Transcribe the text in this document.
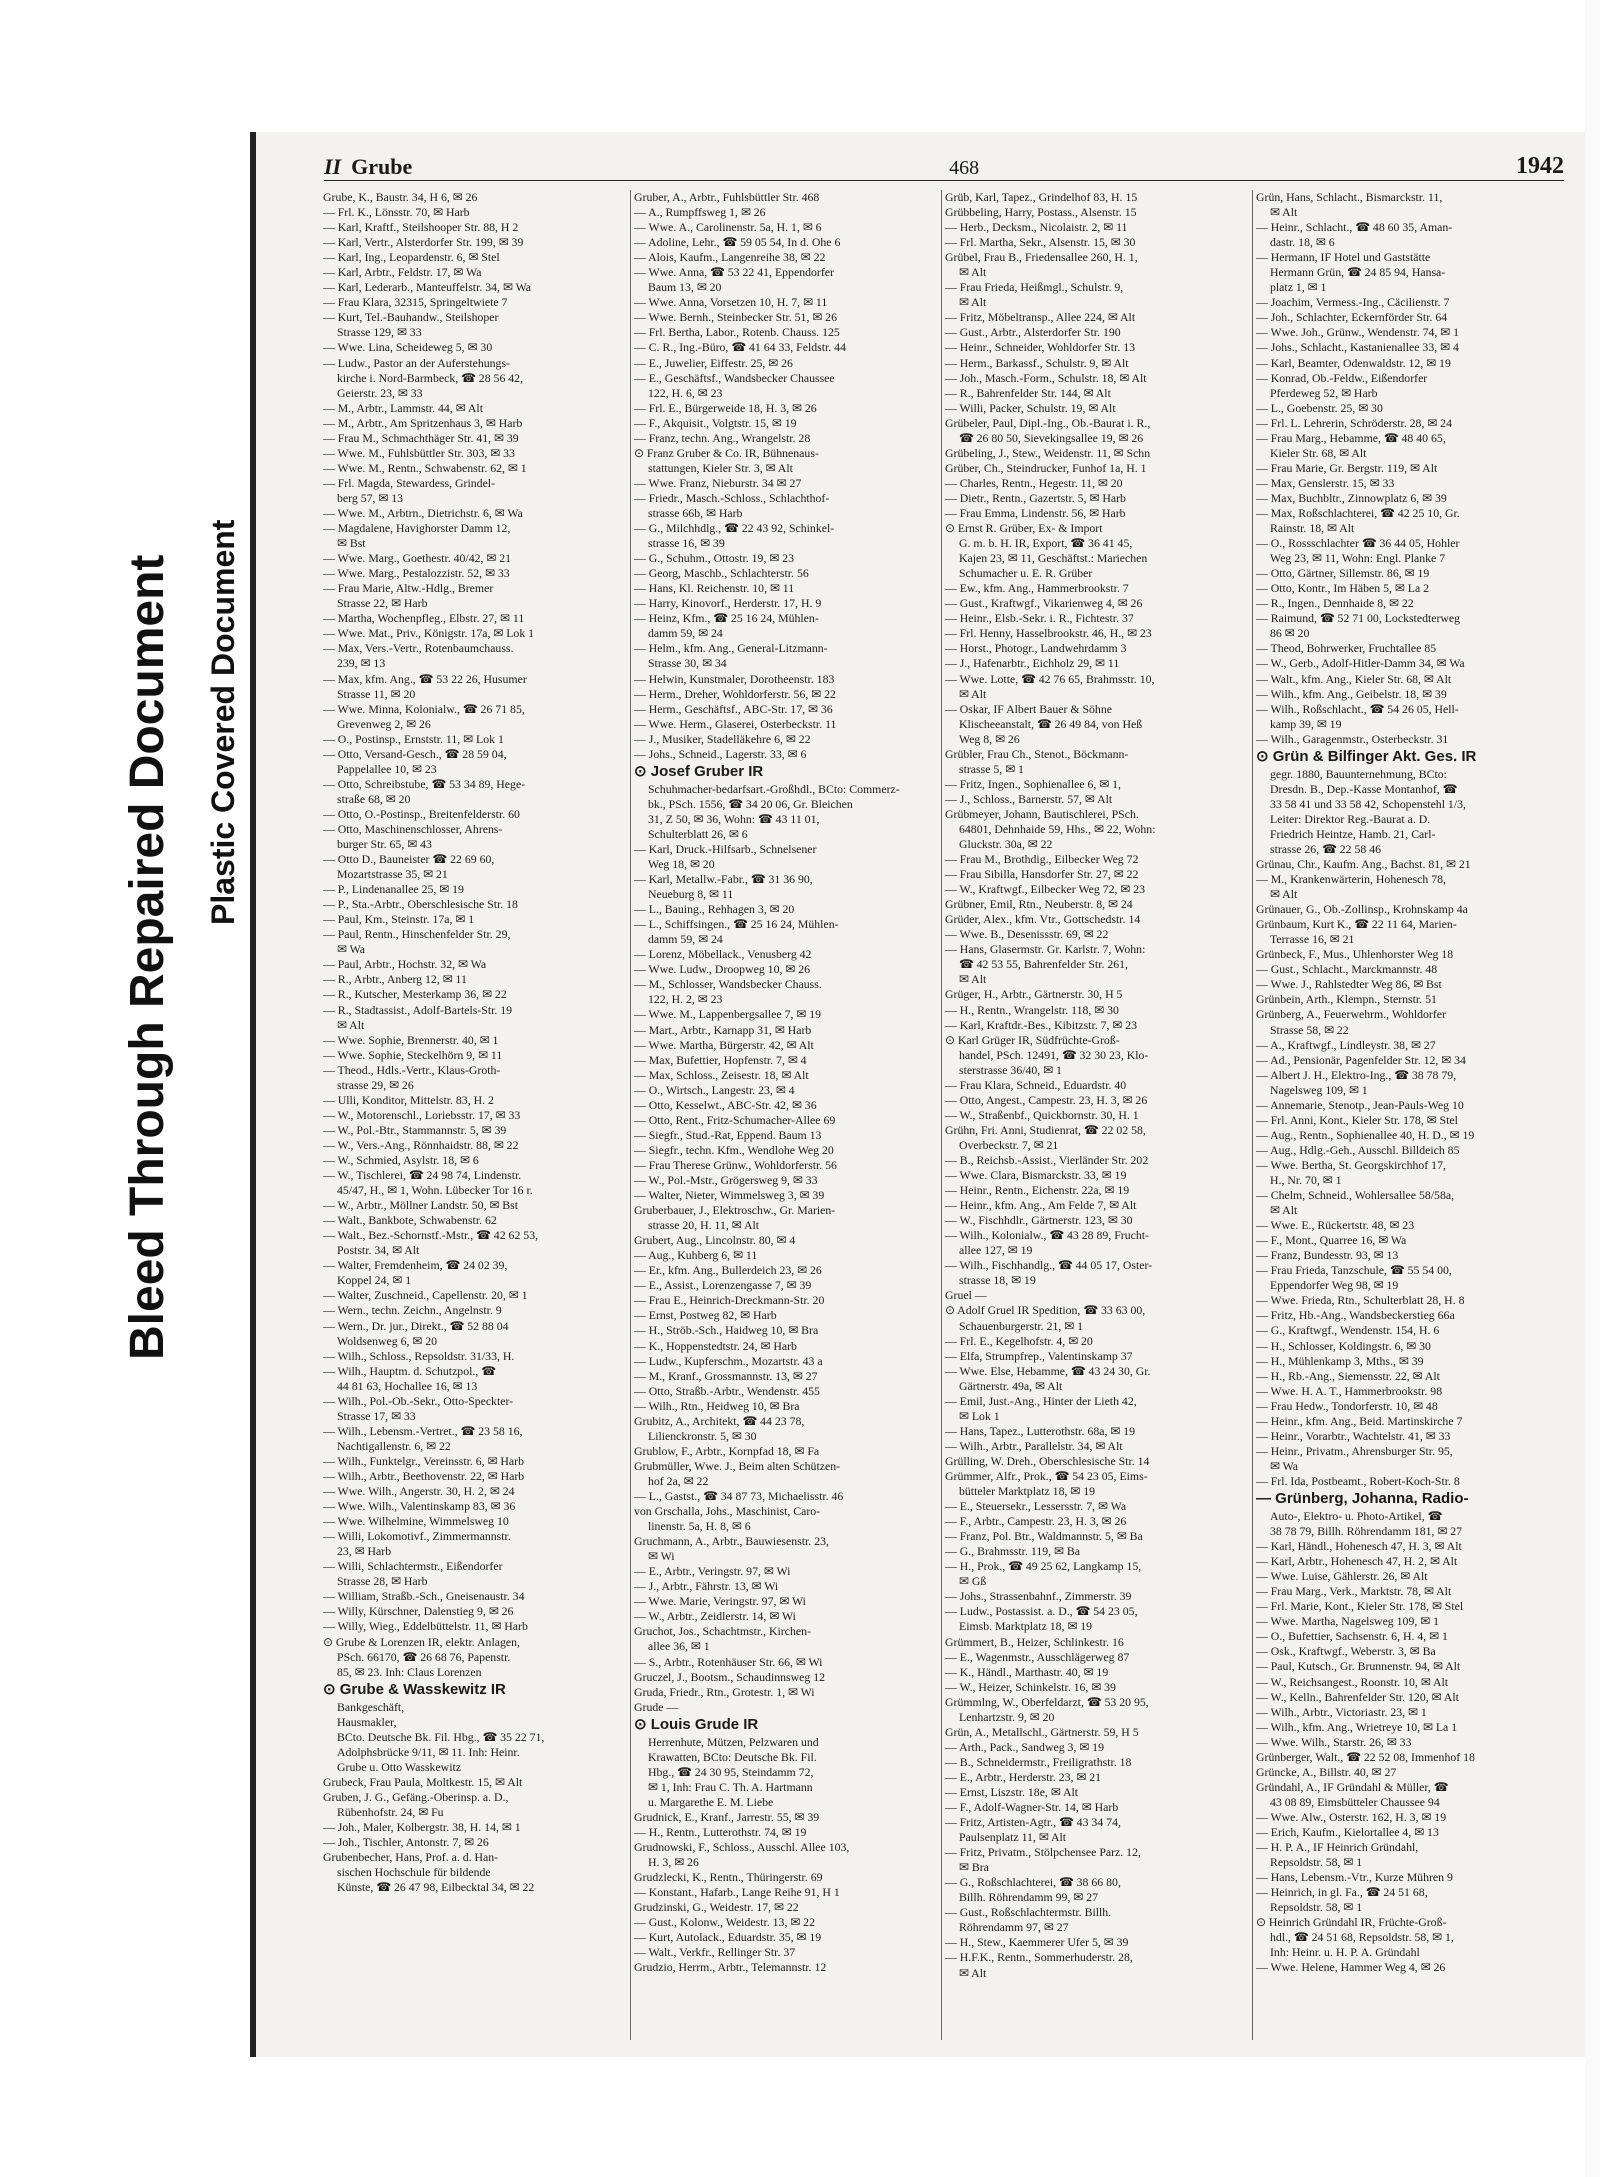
Bleed Through Repaired Document Plastic Covered Document
II Grube	468	1942
Grube, K., Baustr. 34, H 6, ✉ 26
— Frl. K., Lönsstr. 70, ✉ Harb
— Karl, Kraftf., Steilshooper Str. 88, H 2
— Karl, Vertr., Alsterdorfer Str. 199, ✉ 39
— Karl, Ing., Leopardenstr. 6, ✉ Stel
— Karl, Arbtr., Feldstr. 17, ✉ Wa
— Karl, Lederarb., Manteuffelstr. 34, ✉ Wa
— Frau Klara, 32315, Springeltwiete 7
— Kurt, Tel.-Bauhandw., Steilshoper
Strasse 129, ✉ 33
— Wwe. Lina, Scheideweg 5, ✉ 30
— Ludw., Pastor an der Auferstehungs-
kirche i. Nord-Barmbeck, ☎ 28 56 42,
Geierstr. 23, ✉ 33
— M., Arbtr., Lammstr. 44, ✉ Alt
— M., Arbtr., Am Spritzenhaus 3, ✉ Harb
— Frau M., Schmachthäger Str. 41, ✉ 39
— Wwe. M., Fuhlsbüttler Str. 303, ✉ 33
— Wwe. M., Rentn., Schwabenstr. 62, ✉ 1
— Frl. Magda, Stewardess, Grindel-
berg 57, ✉ 13
— Wwe. M., Arbtrn., Dietrichstr. 6, ✉ Wa
— Magdalene, Havighorster Damm 12,
✉ Bst
— Wwe. Marg., Goethestr. 40/42, ✉ 21
— Wwe. Marg., Pestalozzistr. 52, ✉ 33
— Frau Marie, Altw.-Hdlg., Bremer
Strasse 22, ✉ Harb
— Martha, Wochenpfleg., Elbstr. 27, ✉ 11
— Wwe. Mat., Priv., Königstr. 17a, ✉ Lok 1
— Max, Vers.-Vertr., Rotenbaumchauss.
239, ✉ 13
— Max, kfm. Ang., ☎ 53 22 26, Husumer
Strasse 11, ✉ 20
— Wwe. Minna, Kolonialw., ☎ 26 71 85,
Grevenweg 2, ✉ 26
— O., Postinsp., Ernststr. 11, ✉ Lok 1
— Otto, Versand-Gesch., ☎ 28 59 04,
Pappelallee 10, ✉ 23
— Otto, Schreibstube, ☎ 53 34 89, Hege-
straße 68, ✉ 20
— Otto, O.-Postinsp., Breitenfelderstr. 60
— Otto, Maschinenschlosser, Ahrens-
burger Str. 65, ✉ 43
— Otto D., Bauneister ☎ 22 69 60,
Mozartstrasse 35, ✉ 21
— P., Lindenanallee 25, ✉ 19
— P., Sta.-Arbtr., Oberschlesische Str. 18
— Paul, Km., Steinstr. 17a, ✉ 1
— Paul, Rentn., Hinschenfelder Str. 29,
✉ Wa
— Paul, Arbtr., Hochstr. 32, ✉ Wa
— R., Arbtr., Anberg 12, ✉ 11
— R., Kutscher, Mesterkamp 36, ✉ 22
— R., Stadtassist., Adolf-Bartels-Str. 19
✉ Alt
— Wwe. Sophie, Brennerstr. 40, ✉ 1
— Wwe. Sophie, Steckelhörn 9, ✉ 11
— Theod., Hdls.-Vertr., Klaus-Groth-
strasse 29, ✉ 26
— Ulli, Konditor, Mittelstr. 83, H. 2
— W., Motorenschl., Loriebsstr. 17, ✉ 33
— W., Pol.-Btr., Stammannstr. 5, ✉ 39
— W., Vers.-Ang., Rönnhaidstr. 88, ✉ 22
— W., Schmied, Asylstr. 18, ✉ 6
— W., Tischlerei, ☎ 24 98 74, Lindenstr.
45/47, H., ✉ 1, Wohn. Lübecker Tor 16 r.
— W., Arbtr., Möllner Landstr. 50, ✉ Bst
— Walt., Bankbote, Schwabenstr. 62
— Walt., Bez.-Schornstf.-Mstr., ☎ 42 62 53,
Poststr. 34, ✉ Alt
— Walter, Fremdenheim, ☎ 24 02 39,
Koppel 24, ✉ 1
— Walter, Zuschneid., Capellenstr. 20, ✉ 1
— Wern., techn. Zeichn., Angelnstr. 9
— Wern., Dr. jur., Direkt., ☎ 52 88 04
Woldsenweg 6, ✉ 20
— Wilh., Schloss., Repsoldstr. 31/33, H.
— Wilh., Hauptm. d. Schutzpol., ☎
44 81 63, Hochallee 16, ✉ 13
— Wilh., Pol.-Ob.-Sekr., Otto-Speckter-
Strasse 17, ✉ 33
— Wilh., Lebensm.-Vertret., ☎ 23 58 16,
Nachtigallenstr. 6, ✉ 22
— Wilh., Funktelgr., Vereinsstr. 6, ✉ Harb
— Wilh., Arbtr., Beethovenstr. 22, ✉ Harb
— Wwe. Wilh., Angerstr. 30, H. 2, ✉ 24
— Wwe. Wilh., Valentinskamp 83, ✉ 36
— Wwe. Wilhelmine, Wimmelsweg 10
— Willi, Lokomotivf., Zimmermannstr.
23, ✉ Harb
— Willi, Schlachtermstr., Eißendorfer
Strasse 28, ✉ Harb
— William, Straßb.-Sch., Gneisenaustr. 34
— Willy, Kürschner, Dalenstieg 9, ✉ 26
— Willy, Wieg., Eddelbüttelstr. 11, ✉ Harb
⊙ Grube & Lorenzen IR, elektr. Anlagen,
PSch. 66170, ☎ 26 68 76, Papenstr.
85, ✉ 23. Inh: Claus Lorenzen
⊙ Grube & Wasskewitz IR
Bankgeschäft,
Hausmakler,
BCto. Deutsche Bk. Fil. Hbg., ☎ 35 22 71,
Adolphsbrücke 9/11, ✉ 11. Inh: Heinr.
Grube u. Otto Wasskewitz
Grubeck, Frau Paula, Moltkestr. 15, ✉ Alt
Gruben, J. G., Gefäng.-Oberinsp. a. D.,
Rübenhofstr. 24, ✉ Fu
— Joh., Maler, Kolbergstr. 38, H. 14, ✉ 1
— Joh., Tischler, Antonstr. 7, ✉ 26
Grubenbecher, Hans, Prof. a. d. Han-
sischen Hochschule für bildende
Künste, ☎ 26 47 98, Eilbecktal 34, ✉ 22
Gruber, A., Arbtr., Fuhlsbüttler Str. 468
— A., Rumpffsweg 1, ✉ 26
— Wwe. A., Carolinenstr. 5a, H. 1, ✉ 6
— Adoline, Lehr., ☎ 59 05 54, In d. Ohe 6
— Alois, Kaufm., Langenreihe 38, ✉ 22
— Wwe. Anna, ☎ 53 22 41, Eppendorfer
Baum 13, ✉ 20
— Wwe. Anna, Vorsetzen 10, H. 7, ✉ 11
— Wwe. Bernh., Steinbecker Str. 51, ✉ 26
— Frl. Bertha, Labor., Rotenb. Chauss. 125
— C. R., Ing.-Büro, ☎ 41 64 33, Feldstr. 44
— E., Juwelier, Eiffestr. 25, ✉ 26
— E., Geschäftsf., Wandsbecker Chaussee
122, H. 6, ✉ 23
— Frl. E., Bürgerweide 18, H. 3, ✉ 26
— F., Akquisit., Volgtstr. 15, ✉ 19
— Franz, techn. Ang., Wrangelstr. 28
⊙ Franz Gruber & Co. IR, Bühnenaus-
stattungen, Kieler Str. 3, ✉ Alt
— Wwe. Franz, Nieburstr. 34 ✉ 27
— Friedr., Masch.-Schloss., Schlachthof-
strasse 66b, ✉ Harb
— G., Milchhdlg., ☎ 22 43 92, Schinkel-
strasse 16, ✉ 39
— G., Schuhm., Ottostr. 19, ✉ 23
— Georg, Maschb., Schlachterstr. 56
— Hans, Kl. Reichenstr. 10, ✉ 11
— Harry, Kinovorf., Herderstr. 17, H. 9
— Heinz, Kfm., ☎ 25 16 24, Mühlen-
damm 59, ✉ 24
— Helm., kfm. Ang., General-Litzmann-
Strasse 30, ✉ 34
— Helwin, Kunstmaler, Dorotheenstr. 183
— Herm., Dreher, Wohldorferstr. 56, ✉ 22
— Herm., Geschäftsf., ABC-Str. 17, ✉ 36
— Wwe. Herm., Glaserei, Osterbeckstr. 11
— J., Musiker, Stadelläkehre 6, ✉ 22
— Johs., Schneid., Lagerstr. 33, ✉ 6
⊙ Josef Gruber IR
Schuhmacher-bedarfsart.-Großhdl., BCto: Commerz-
bk., PSch. 1556, ☎ 34 20 06, Gr. Bleichen
31, Z 50, ✉ 36, Wohn: ☎ 43 11 01,
Schulterblatt 26, ✉ 6
— Karl, Druck.-Hilfsarb., Schnelsener
Weg 18, ✉ 20
— Karl, Metallw.-Fabr., ☎ 31 36 90,
Neueburg 8, ✉ 11
— L., Bauing., Rehhagen 3, ✉ 20
— L., Schiffsingen., ☎ 25 16 24, Mühlen-
damm 59, ✉ 24
— Lorenz, Möbellack., Venusberg 42
— Wwe. Ludw., Droopweg 10, ✉ 26
— M., Schlosser, Wandsbecker Chauss.
122, H. 2, ✉ 23
— Wwe. M., Lappenbergsallee 7, ✉ 19
— Mart., Arbtr., Karnapp 31, ✉ Harb
— Wwe. Martha, Bürgerstr. 42, ✉ Alt
— Max, Bufettier, Hopfenstr. 7, ✉ 4
— Max, Schloss., Zeisestr. 18, ✉ Alt
— O., Wirtsch., Langestr. 23, ✉ 4
— Otto, Kesselwt., ABC-Str. 42, ✉ 36
— Otto, Rent., Fritz-Schumacher-Allee 69
— Siegfr., Stud.-Rat, Eppend. Baum 13
— Siegfr., techn. Kfm., Wendlohe Weg 20
— Frau Therese Grünw., Wohldorferstr. 56
— W., Pol.-Mstr., Grögersweg 9, ✉ 33
— Walter, Nieter, Wimmelsweg 3, ✉ 39
Gruberbauer, J., Elektroschw., Gr. Marien-
strasse 20, H. 11, ✉ Alt
Grubert, Aug., Lincolnstr. 80, ✉ 4
— Aug., Kuhberg 6, ✉ 11
— Er., kfm. Ang., Bullerdeich 23, ✉ 26
— E., Assist., Lorenzengasse 7, ✉ 39
— Frau E., Heinrich-Dreckmann-Str. 20
— Ernst, Postweg 82, ✉ Harb
— H., Ströb.-Sch., Haidweg 10, ✉ Bra
— K., Hoppenstedtstr. 24, ✉ Harb
— Ludw., Kupferschm., Mozartstr. 43 a
— M., Kranf., Grossmannstr. 13, ✉ 27
— Otto, Straßb.-Arbtr., Wendenstr. 455
— Wilh., Rtn., Heidweg 10, ✉ Bra
Grubitz, A., Architekt, ☎ 44 23 78,
Lilienckronstr. 5, ✉ 30
Grublow, F., Arbtr., Kornpfad 18, ✉ Fa
Grubmüller, Wwe. J., Beim alten Schützen-
hof 2a, ✉ 22
— L., Gastst., ☎ 34 87 73, Michaelisstr. 46
von Grschalla, Johs., Maschinist, Caro-
linenstr. 5a, H. 8, ✉ 6
Gruchmann, A., Arbtr., Bauwiesenstr. 23,
✉ Wi
— E., Arbtr., Veringstr. 97, ✉ Wi
— J., Arbtr., Fährstr. 13, ✉ Wi
— Wwe. Marie, Veringstr. 97, ✉ Wi
— W., Arbtr., Zeidlerstr. 14, ✉ Wi
Gruchot, Jos., Schachtmstr., Kirchen-
allee 36, ✉ 1
— S., Arbtr., Rotenhäuser Str. 66, ✉ Wi
Gruczel, J., Bootsm., Schaudinnsweg 12
Gruda, Friedr., Rtn., Grotestr. 1, ✉ Wi
Grude —
⊙ Louis Grude IR
Herrenhute, Mützen, Pelzwaren und
Krawatten, BCto: Deutsche Bk. Fil.
Hbg., ☎ 24 30 95, Steindamm 72,
✉ 1, Inh: Frau C. Th. A. Hartmann
u. Margarethe E. M. Liebe
Grudnick, E., Kranf., Jarrestr. 55, ✉ 39
— H., Rentn., Lutterothstr. 74, ✉ 19
Grudnowski, F., Schloss., Ausschl. Allee 103,
H. 3, ✉ 26
Grudzlecki, K., Rentn., Thüringerstr. 69
— Konstant., Hafarb., Lange Reihe 91, H 1
Grudzinski, G., Weidestr. 17, ✉ 22
— Gust., Kolonw., Weidestr. 13, ✉ 22
— Kurt, Autolack., Eduardstr. 35, ✉ 19
— Walt., Verkfr., Rellinger Str. 37
Grudzio, Herrm., Arbtr., Telemannstr. 12
Grüb, Karl, Tapez., Grindelhof 83, H. 15
Grübbeling, Harry, Postass., Alsenstr. 15
— Herb., Decksm., Nicolaistr. 2, ✉ 11
— Frl. Martha, Sekr., Alsenstr. 15, ✉ 30
Grübel, Frau B., Friedensallee 260, H. 1,
✉ Alt
— Frau Frieda, Heißmgl., Schulstr. 9,
✉ Alt
— Fritz, Möbeltransp., Allee 224, ✉ Alt
— Gust., Arbtr., Alsterdorfer Str. 190
— Heinr., Schneider, Wohldorfer Str. 13
— Herm., Barkassf., Schulstr. 9, ✉ Alt
— Joh., Masch.-Form., Schulstr. 18, ✉ Alt
— R., Bahrenfelder Str. 144, ✉ Alt
— Willi, Packer, Schulstr. 19, ✉ Alt
Grübeler, Paul, Dipl.-Ing., Ob.-Baurat i. R.,
☎ 26 80 50, Sievekingsallee 19, ✉ 26
Grübeling, J., Stew., Weidenstr. 11, ✉ Schn
Grüber, Ch., Steindrucker, Funhof 1a, H. 1
— Charles, Rentn., Hegestr. 11, ✉ 20
— Dietr., Rentn., Gazertstr. 5, ✉ Harb
— Frau Emma, Lindenstr. 56, ✉ Harb
⊙ Ernst R. Grüber, Ex- & Import
G. m. b. H. IR, Export, ☎ 36 41 45,
Kajen 23, ✉ 11, Geschäftst.: Mariechen
Schumacher u. E. R. Grüber
— Ew., kfm. Ang., Hammerbrookstr. 7
— Gust., Kraftwgf., Vikarienweg 4, ✉ 26
— Heinr., Elsb.-Sekr. i. R., Fichtestr. 37
— Frl. Henny, Hasselbrookstr. 46, H., ✉ 23
— Horst., Photogr., Landwehrdamm 3
— J., Hafenarbtr., Eichholz 29, ✉ 11
— Wwe. Lotte, ☎ 42 76 65, Brahmsstr. 10,
✉ Alt
— Oskar, IF Albert Bauer & Söhne
Klischeeanstalt, ☎ 26 49 84, von Heß
Weg 8, ✉ 26
Grübler, Frau Ch., Stenot., Böckmann-
strasse 5, ✉ 1
— Fritz, Ingen., Sophienallee 6, ✉ 1,
— J., Schloss., Barnerstr. 57, ✉ Alt
Grübmeyer, Johann, Bautischlerei, PSch.
64801, Dehnhaide 59, Hhs., ✉ 22, Wohn:
Gluckstr. 30a, ✉ 22
— Frau M., Brothdig., Eilbecker Weg 72
— Frau Sibilla, Hansdorfer Str. 27, ✉ 22
— W., Kraftwgf., Eilbecker Weg 72, ✉ 23
Grübner, Emil, Rtn., Neuberstr. 8, ✉ 24
Grüder, Alex., kfm. Vtr., Gottschedstr. 14
— Wwe. B., Desenissstr. 69, ✉ 22
— Hans, Glasermstr. Gr. Karlstr. 7, Wohn:
☎ 42 53 55, Bahrenfelder Str. 261,
✉ Alt
Grüger, H., Arbtr., Gärtnerstr. 30, H 5
— H., Rentn., Wrangelstr. 118, ✉ 30
— Karl, Kraftdr.-Bes., Kibitzstr. 7, ✉ 23
⊙ Karl Grüger IR, Südfrüchte-Groß-
handel, PSch. 12491, ☎ 32 30 23, Klo-
sterstrasse 36/40, ✉ 1
— Frau Klara, Schneid., Eduardstr. 40
— Otto, Angest., Campestr. 23, H. 3, ✉ 26
— W., Straßenbf., Quickbornstr. 30, H. 1
Grühn, Fri. Anni, Studienrat, ☎ 22 02 58,
Overbeckstr. 7, ✉ 21
— B., Reichsb.-Assist., Vierländer Str. 202
— Wwe. Clara, Bismarckstr. 33, ✉ 19
— Heinr., Rentn., Eichenstr. 22a, ✉ 19
— Heinr., kfm. Ang., Am Felde 7, ✉ Alt
— W., Fischhdlr., Gärtnerstr. 123, ✉ 30
— Wilh., Kolonialw., ☎ 43 28 89, Frucht-
allee 127, ✉ 19
— Wilh., Fischhandlg., ☎ 44 05 17, Oster-
strasse 18, ✉ 19
Gruel —
⊙ Adolf Gruel IR Spedition, ☎ 33 63 00,
Schauenburgerstr. 21, ✉ 1
— Frl. E., Kegelhofstr. 4, ✉ 20
— Elfa, Strumpfrep., Valentinskamp 37
— Wwe. Else, Hebamme, ☎ 43 24 30, Gr.
Gärtnerstr. 49a, ✉ Alt
— Emil, Just.-Ang., Hinter der Lieth 42,
✉ Lok 1
— Hans, Tapez., Lutterothstr. 68a, ✉ 19
— Wilh., Arbtr., Parallelstr. 34, ✉ Alt
Grülling, W. Dreh., Oberschlesische Str. 14
Grümmer, Alfr., Prok., ☎ 54 23 05, Eims-
bütteler Marktplatz 18, ✉ 19
— E., Steuersekr., Lessersstr. 7, ✉ Wa
— F., Arbtr., Campestr. 23, H. 3, ✉ 26
— Franz, Pol. Btr., Waldmannstr. 5, ✉ Ba
— G., Brahmsstr. 119, ✉ Ba
— H., Prok., ☎ 49 25 62, Langkamp 15,
✉ Gß
— Johs., Strassenbahnf., Zimmerstr. 39
— Ludw., Postassist. a. D., ☎ 54 23 05,
Eimsb. Marktplatz 18, ✉ 19
Grümmert, B., Heizer, Schlinkestr. 16
— E., Wagenmstr., Ausschlägerweg 87
— K., Händl., Marthastr. 40, ✉ 19
— W., Heizer, Schinkelstr. 16, ✉ 39
Grümmlng, W., Oberfeldarzt, ☎ 53 20 95,
Lenhartzstr. 9, ✉ 20
Grün, A., Metallschl., Gärtnerstr. 59, H 5
— Arth., Pack., Sandweg 3, ✉ 19
— B., Schneidermstr., Freiligrathstr. 18
— E., Arbtr., Herderstr. 23, ✉ 21
— Ernst, Liszstr. 18e, ✉ Alt
— F., Adolf-Wagner-Str. 14, ✉ Harb
— Fritz, Artisten-Agtr., ☎ 43 34 74,
Paulsenplatz 11, ✉ Alt
— Fritz, Privatm., Stölpchensee Parz. 12,
✉ Bra
— G., Roßschlachterei, ☎ 38 66 80,
Billh. Röhrendamm 99, ✉ 27
— Gust., Roßschlachtermstr. Billh.
Röhrendamm 97, ✉ 27
— H., Stew., Kaemmerer Ufer 5, ✉ 39
— H.F.K., Rentn., Sommerhuderstr. 28,
✉ Alt
Grün, Hans, Schlacht., Bismarckstr. 11,
✉ Alt
— Heinr., Schlacht., ☎ 48 60 35, Aman-
dastr. 18, ✉ 6
— Hermann, IF Hotel und Gaststätte
Hermann Grün, ☎ 24 85 94, Hansa-
platz 1, ✉ 1
— Joachim, Vermess.-Ing., Cäcilienstr. 7
— Joh., Schlachter, Eckernförder Str. 64
— Wwe. Joh., Grünw., Wendenstr. 74, ✉ 1
— Johs., Schlacht., Kastanienallee 33, ✉ 4
— Karl, Beamter, Odenwaldstr. 12, ✉ 19
— Konrad, Ob.-Feldw., Eißendorfer
Pferdeweg 52, ✉ Harb
— L., Goebenstr. 25, ✉ 30
— Frl. L. Lehrerin, Schröderstr. 28, ✉ 24
— Frau Marg., Hebamme, ☎ 48 40 65,
Kieler Str. 68, ✉ Alt
— Frau Marie, Gr. Bergstr. 119, ✉ Alt
— Max, Genslerstr. 15, ✉ 33
— Max, Buchbltr., Zinnowplatz 6, ✉ 39
— Max, Roßschlachterei, ☎ 42 25 10, Gr.
Rainstr. 18, ✉ Alt
— O., Rossschlachter ☎ 36 44 05, Hohler
Weg 23, ✉ 11, Wohn: Engl. Planke 7
— Otto, Gärtner, Sillemstr. 86, ✉ 19
— Otto, Kontr., Im Häben 5, ✉ La 2
— R., Ingen., Dennhaide 8, ✉ 22
— Raimund, ☎ 52 71 00, Lockstedterweg
86 ✉ 20
— Theod, Bohrwerker, Fruchtallee 85
— W., Gerb., Adolf-Hitler-Damm 34, ✉ Wa
— Walt., kfm. Ang., Kieler Str. 68, ✉ Alt
— Wilh., kfm. Ang., Geibelstr. 18, ✉ 39
— Wilh., Roßschlacht., ☎ 54 26 05, Hell-
kamp 39, ✉ 19
— Wilh., Garagenmstr., Osterbeckstr. 31
⊙ Grün & Bilfinger Akt. Ges. IR
gegr. 1880, Bauunternehmung, BCto:
Dresdn. B., Dep.-Kasse Montanhof, ☎
33 58 41 und 33 58 42, Schopenstehl 1/3,
Leiter: Direktor Reg.-Baurat a. D.
Friedrich Heintze, Hamb. 21, Carl-
strasse 26, ☎ 22 58 46
Grünau, Chr., Kaufm. Ang., Bachst. 81, ✉ 21
— M., Krankenwärterin, Hohenesch 78,
✉ Alt
Grünauer, G., Ob.-Zollinsp., Krohnskamp 4a
Grünbaum, Kurt K., ☎ 22 11 64, Marien-
Terrasse 16, ✉ 21
Grünbeck, F., Mus., Uhlenhorster Weg 18
— Gust., Schlacht., Marckmannstr. 48
— Wwe. J., Rahlstedter Weg 86, ✉ Bst
Grünbein, Arth., Klempn., Sternstr. 51
Grünberg, A., Feuerwehrm., Wohldorfer
Strasse 58, ✉ 22
— A., Kraftwgf., Lindleystr. 38, ✉ 27
— Ad., Pensionär, Pagenfelder Str. 12, ✉ 34
— Albert J. H., Elektro-Ing., ☎ 38 78 79,
Nagelsweg 109, ✉ 1
— Annemarie, Stenotp., Jean-Pauls-Weg 10
— Frl. Anni, Kont., Kieler Str. 178, ✉ Stel
— Aug., Rentn., Sophienallee 40, H. D., ✉ 19
— Aug., Hdlg.-Geh., Ausschl. Billdeich 85
— Wwe. Bertha, St. Georgskirchhof 17,
H., Nr. 70, ✉ 1
— Chelm, Schneid., Wohlersallee 58/58a,
✉ Alt
— Wwe. E., Rückertstr. 48, ✉ 23
— F., Mont., Quarree 16, ✉ Wa
— Franz, Bundesstr. 93, ✉ 13
— Frau Frieda, Tanzschule, ☎ 55 54 00,
Eppendorfer Weg 98, ✉ 19
— Wwe. Frieda, Rtn., Schulterblatt 28, H. 8
— Fritz, Hb.-Ang., Wandsbeckerstieg 66a
— G., Kraftwgf., Wendenstr. 154, H. 6
— H., Schlosser, Koldingstr. 6, ✉ 30
— H., Mühlenkamp 3, Mths., ✉ 39
— H., Rb.-Ang., Siemensstr. 22, ✉ Alt
— Wwe. H. A. T., Hammerbrookstr. 98
— Frau Hedw., Tondorferstr. 10, ✉ 48
— Heinr., kfm. Ang., Beid. Martinskirche 7
— Heinr., Vorarbtr., Wachtelstr. 41, ✉ 33
— Heinr., Privatm., Ahrensburger Str. 95,
✉ Wa
— Frl. Ida, Postbeamt., Robert-Koch-Str. 8
— Grünberg, Johanna, Radio-
Auto-, Elektro- u. Photo-Artikel, ☎
38 78 79, Billh. Röhrendamm 181, ✉ 27
— Karl, Händl., Hohenesch 47, H. 3, ✉ Alt
— Karl, Arbtr., Hohenesch 47, H. 2, ✉ Alt
— Wwe. Luise, Gählerstr. 26, ✉ Alt
— Frau Marg., Verk., Marktstr. 78, ✉ Alt
— Frl. Marie, Kont., Kieler Str. 178, ✉ Stel
— Wwe. Martha, Nagelsweg 109, ✉ 1
— O., Bufettier, Sachsenstr. 6, H. 4, ✉ 1
— Osk., Kraftwgf., Weberstr. 3, ✉ Ba
— Paul, Kutsch., Gr. Brunnenstr. 94, ✉ Alt
— W., Reichsangest., Roonstr. 10, ✉ Alt
— W., Kelln., Bahrenfelder Str. 120, ✉ Alt
— Wilh., Arbtr., Victoriastr. 23, ✉ 1
— Wilh., kfm. Ang., Wrietreye 10, ✉ La 1
— Wwe. Wilh., Starstr. 26, ✉ 33
Grünberger, Walt., ☎ 22 52 08, Immenhof 18
Grüncke, A., Billstr. 40, ✉ 27
Gründahl, A., IF Gründahl & Müller, ☎
43 08 89, Eimsbütteler Chaussee 94
— Wwe. Alw., Osterstr. 162, H. 3, ✉ 19
— Erich, Kaufm., Kielortallee 4, ✉ 13
— H. P. A., IF Heinrich Gründahl,
Repsoldstr. 58, ✉ 1
— Hans, Lebensm.-Vtr., Kurze Mühren 9
— Heinrich, in gl. Fa., ☎ 24 51 68,
Repsoldstr. 58, ✉ 1
⊙ Heinrich Gründahl IR, Früchte-Groß-
hdl., ☎ 24 51 68, Repsoldstr. 58, ✉ 1,
Inh: Heinr. u. H. P. A. Gründahl
— Wwe. Helene, Hammer Weg 4, ✉ 26
